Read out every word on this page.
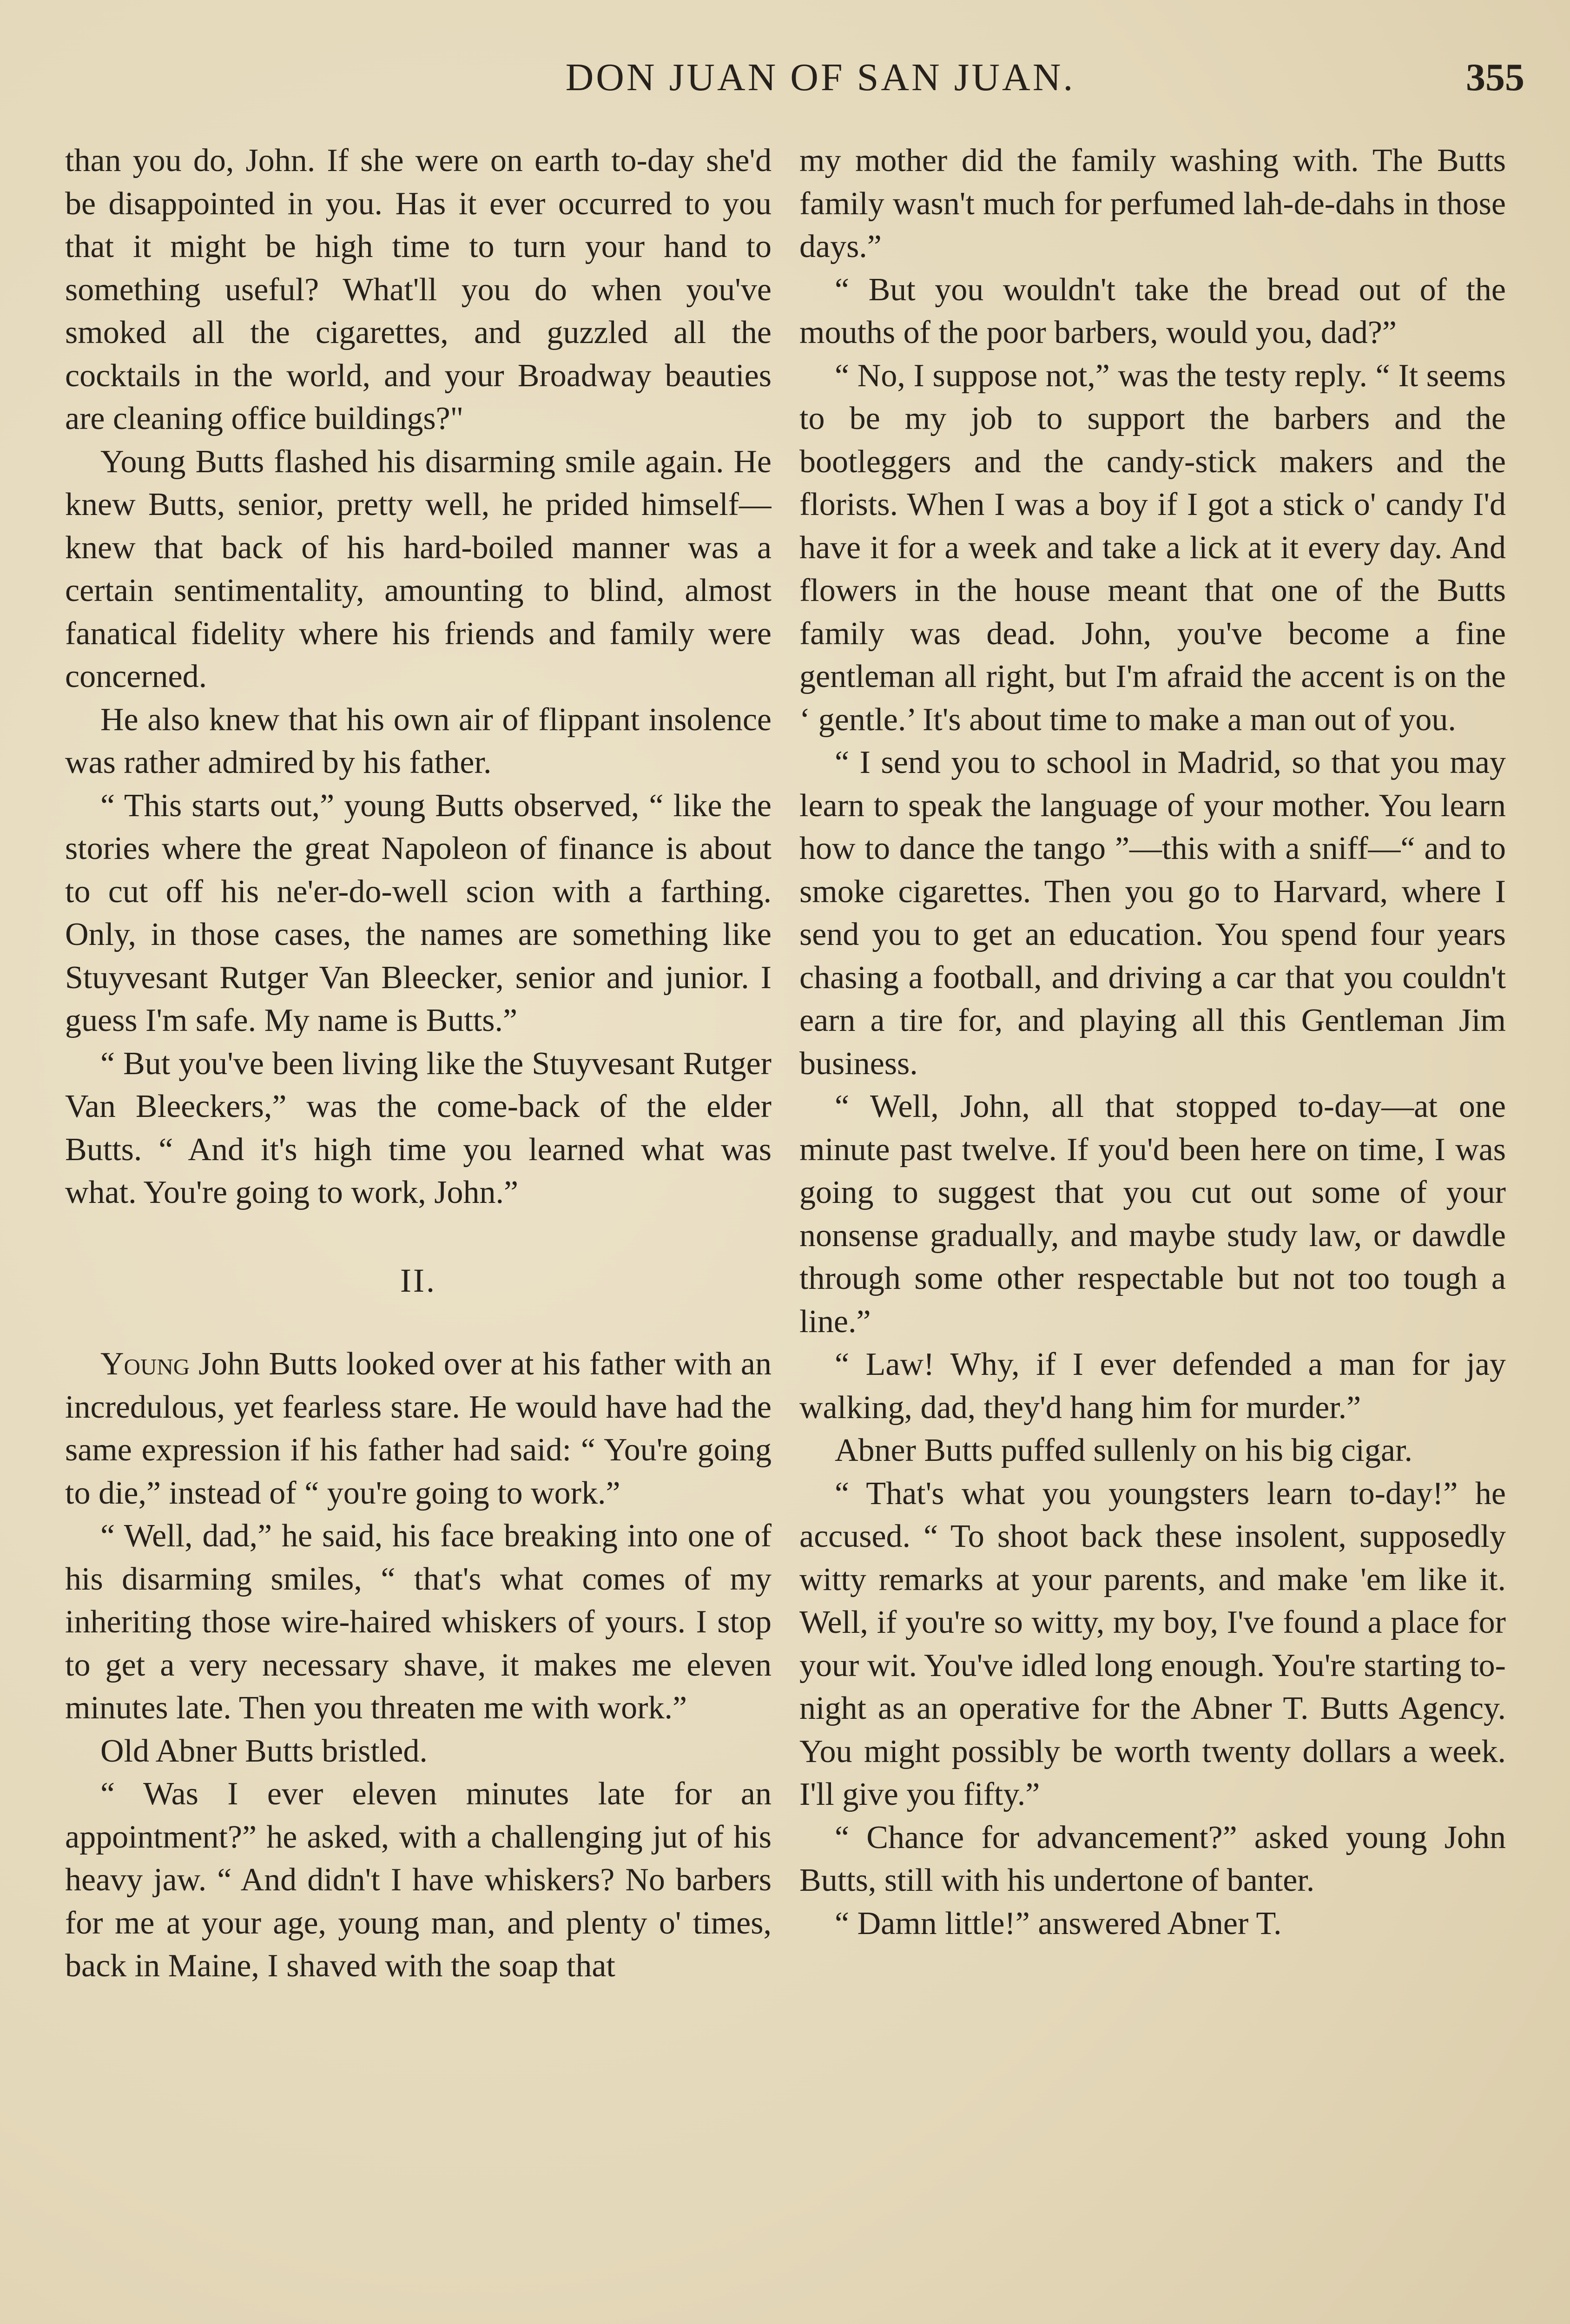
DON JUAN OF SAN JUAN.	355

than you do, John. If she were on earth to-day she'd be disappointed in you. Has it ever occurred to you that it might be high time to turn your hand to something useful? What'll you do when you've smoked all the cigarettes, and guzzled all the cocktails in the world, and your Broadway beauties are cleaning office buildings?"

Young Butts flashed his disarming smile again. He knew Butts, senior, pretty well, he prided himself—knew that back of his hard-boiled manner was a certain sentimentality, amounting to blind, almost fanatical fidelity where his friends and family were concerned.

He also knew that his own air of flippant insolence was rather admired by his father.

“ This starts out,” young Butts observed, “ like the stories where the great Napoleon of finance is about to cut off his ne'er-do-well scion with a farthing. Only, in those cases, the names are something like Stuyvesant Rutger Van Bleecker, senior and junior. I guess I'm safe. My name is Butts.”

“ But you've been living like the Stuyvesant Rutger Van Bleeckers,” was the come-back of the elder Butts. “ And it's high time you learned what was what. You're going to work, John.”

II.

Young John Butts looked over at his father with an incredulous, yet fearless stare. He would have had the same expression if his father had said: “ You're going to die,” instead of “ you're going to work.”

“ Well, dad,” he said, his face breaking into one of his disarming smiles, “ that's what comes of my inheriting those wire-haired whiskers of yours. I stop to get a very necessary shave, it makes me eleven minutes late. Then you threaten me with work.”

Old Abner Butts bristled.

“ Was I ever eleven minutes late for an appointment?” he asked, with a challenging jut of his heavy jaw. “ And didn't I have whiskers? No barbers for me at your age, young man, and plenty o' times, back in Maine, I shaved with the soap that

my mother did the family washing with. The Butts family wasn't much for perfumed lah-de-dahs in those days.”

“ But you wouldn't take the bread out of the mouths of the poor barbers, would you, dad?”

“ No, I suppose not,” was the testy reply. “ It seems to be my job to support the barbers and the bootleggers and the candy-stick makers and the florists. When I was a boy if I got a stick o' candy I'd have it for a week and take a lick at it every day. And flowers in the house meant that one of the Butts family was dead. John, you've become a fine gentleman all right, but I'm afraid the accent is on the ‘ gentle.’ It's about time to make a man out of you.

“ I send you to school in Madrid, so that you may learn to speak the language of your mother. You learn how to dance the tango ”—this with a sniff—“ and to smoke cigarettes. Then you go to Harvard, where I send you to get an education. You spend four years chasing a football, and driving a car that you couldn't earn a tire for, and playing all this Gentleman Jim business.

“ Well, John, all that stopped to-day—at one minute past twelve. If you'd been here on time, I was going to suggest that you cut out some of your nonsense gradually, and maybe study law, or dawdle through some other respectable but not too tough a line.”

“ Law! Why, if I ever defended a man for jay walking, dad, they'd hang him for murder.”

Abner Butts puffed sullenly on his big cigar.

“ That's what you youngsters learn to-day!” he accused. “ To shoot back these insolent, supposedly witty remarks at your parents, and make 'em like it. Well, if you're so witty, my boy, I've found a place for your wit. You've idled long enough. You're starting to-night as an operative for the Abner T. Butts Agency. You might possibly be worth twenty dollars a week. I'll give you fifty.”

“ Chance for advancement?” asked young John Butts, still with his undertone of banter.

“ Damn little!” answered Abner T.
